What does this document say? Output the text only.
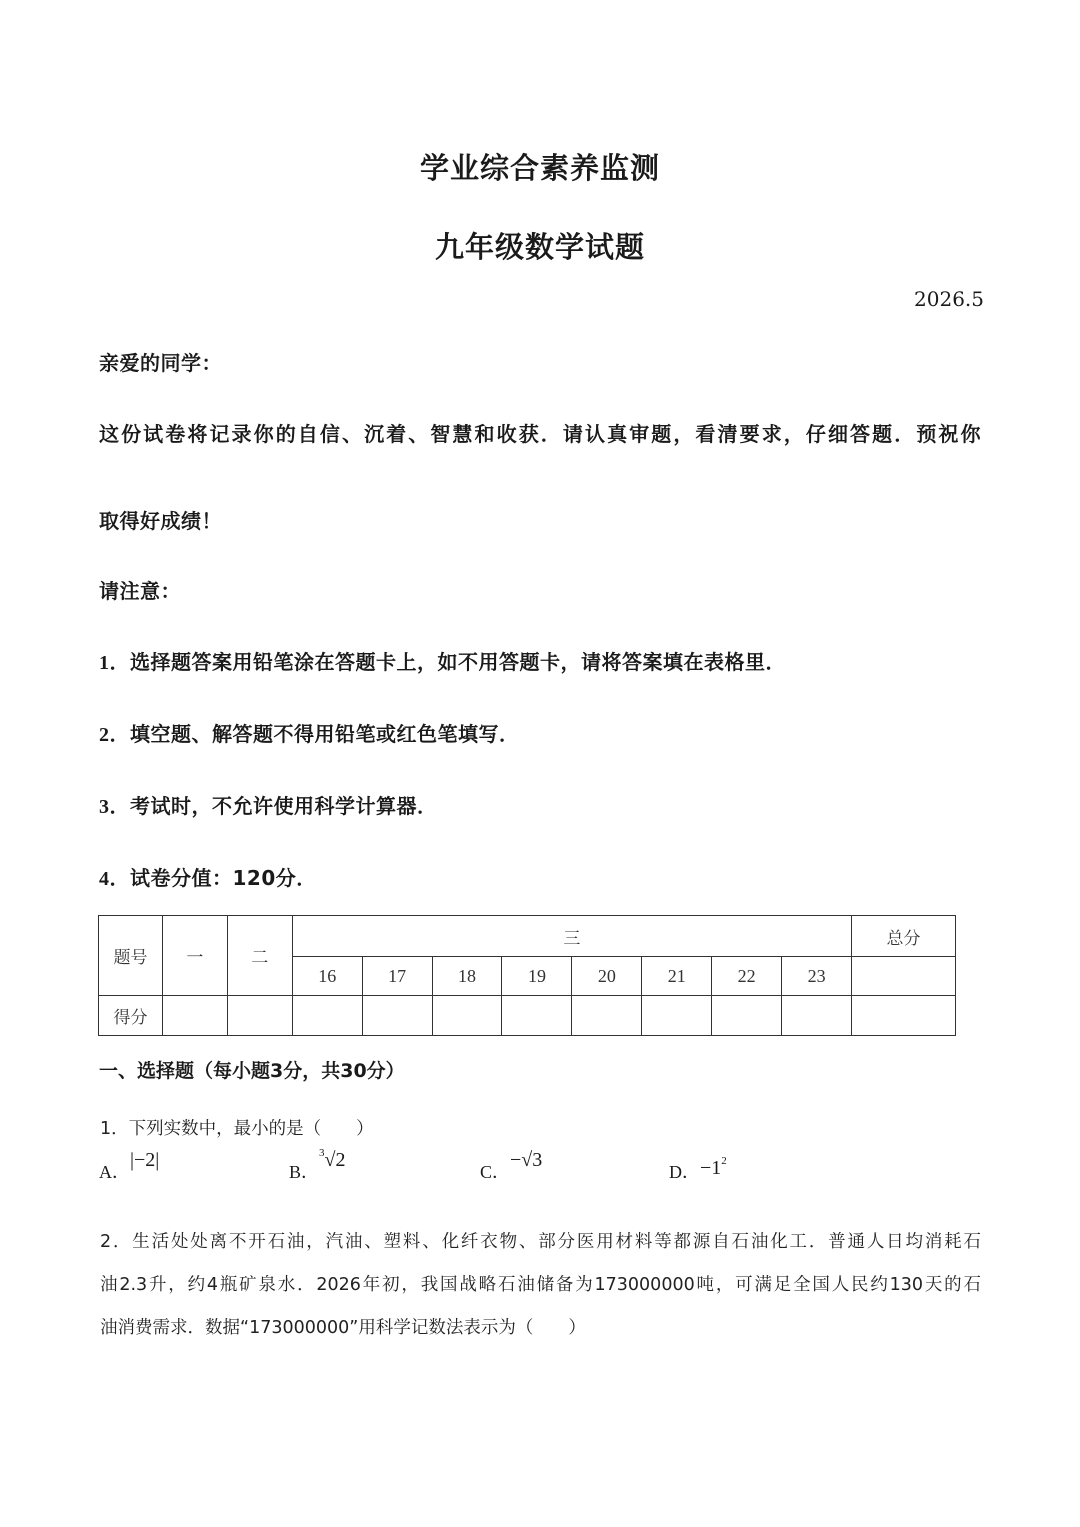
学业综合素养监测
九年级数学试题
2026.5
亲爱的同学：
这份试卷将记录你的自信、沉着、智慧和收获．请认真审题，看清要求，仔细答题．预祝你
取得好成绩！
请注意：
1．选择题答案用铅笔涂在答题卡上，如不用答题卡，请将答案填在表格里．
2．填空题、解答题不得用铅笔或红色笔填写．
3．考试时，不允许使用科学计算器．
4．试卷分值：120分．
题号	一	二	三								总分
			16	17	18	19	20	21	22	23	
得分											
一、选择题（每小题3分，共30分）
1．下列实数中，最小的是（　　）
A．|−2|
B．$^3$√2
C．−√3
D．$-1^2$
2．生活处处离不开石油，汽油、塑料、化纤衣物、部分医用材料等都源自石油化工．普通人日均消耗石
油2.3升，约4瓶矿泉水．2026年初，我国战略石油储备为173000000吨，可满足全国人民约130天的石
油消费需求．数据“173000000”用科学记数法表示为（　　）
